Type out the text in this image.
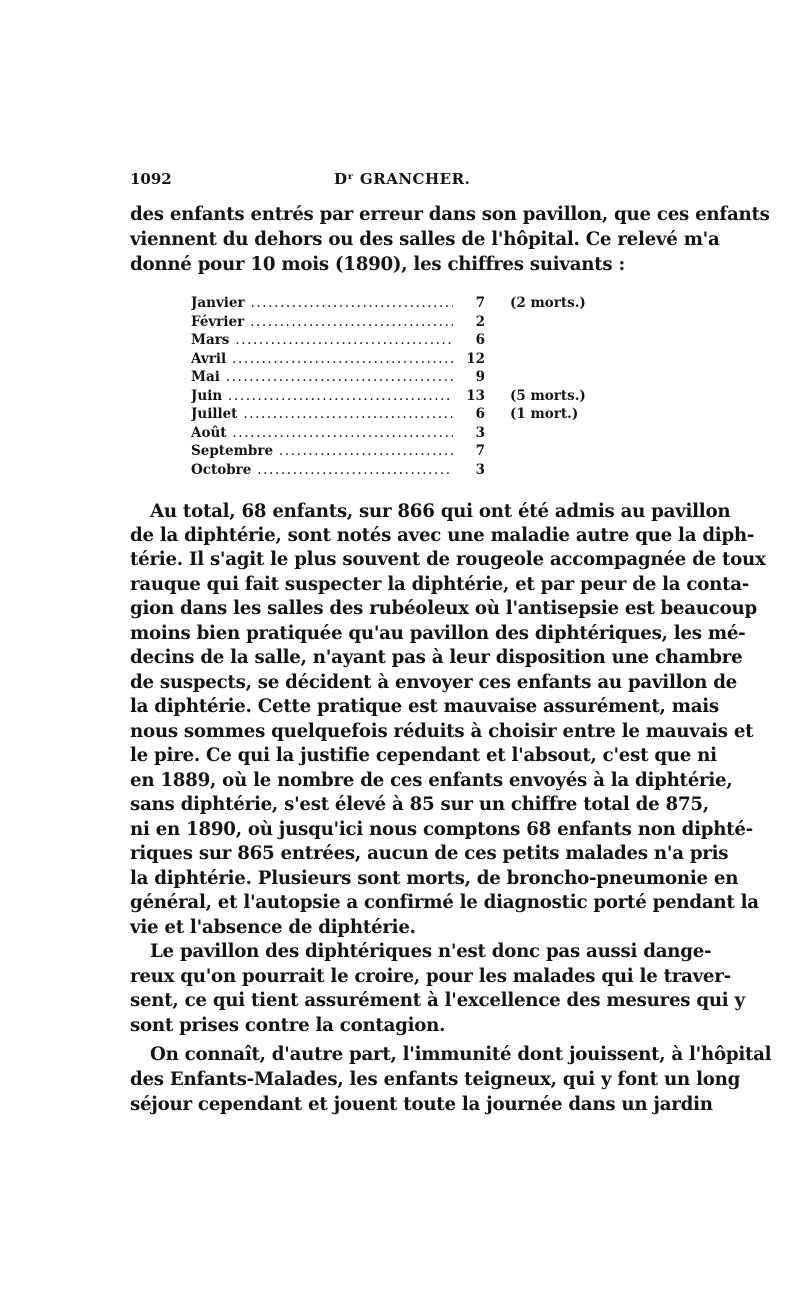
1092	Dʳ GRANCHER.
des enfants entrés par erreur dans son pavillon, que ces enfants
viennent du dehors ou des salles de l'hôpital. Ce relevé m'a
donné pour 10 mois (1890), les chiffres suivants :
Janvier .....	7 (2 morts.)
Février .....	2
Mars .....	6
Avril .....	12
Mai .....	9
Juin .....	13 (5 morts.)
Juillet .....	6 (1 mort.)
Août .....	3
Septembre .....	7
Octobre .....	3
Au total, 68 enfants, sur 866 qui ont été admis au pavillon
de la diphtérie, sont notés avec une maladie autre que la diph-
térie. Il s'agit le plus souvent de rougeole accompagnée de toux
rauque qui fait suspecter la diphtérie, et par peur de la conta-
gion dans les salles des rubéoleux où l'antisepsie est beaucoup
moins bien pratiquée qu'au pavillon des diphtériques, les mé-
decins de la salle, n'ayant pas à leur disposition une chambre
de suspects, se décident à envoyer ces enfants au pavillon de
la diphtérie. Cette pratique est mauvaise assurément, mais
nous sommes quelquefois réduits à choisir entre le mauvais et
le pire. Ce qui la justifie cependant et l'absout, c'est que ni
en 1889, où le nombre de ces enfants envoyés à la diphtérie,
sans diphtérie, s'est élevé à 85 sur un chiffre total de 875,
ni en 1890, où jusqu'ici nous comptons 68 enfants non diphté-
riques sur 865 entrées, aucun de ces petits malades n'a pris
la diphtérie. Plusieurs sont morts, de broncho-pneumonie en
général, et l'autopsie a confirmé le diagnostic porté pendant la
vie et l'absence de diphtérie.
Le pavillon des diphtériques n'est donc pas aussi dange-
reux qu'on pourrait le croire, pour les malades qui le traver-
sent, ce qui tient assurément à l'excellence des mesures qui y
sont prises contre la contagion.
On connaît, d'autre part, l'immunité dont jouissent, à l'hôpital
des Enfants-Malades, les enfants teigneux, qui y font un long
séjour cependant et jouent toute la journée dans un jardin
